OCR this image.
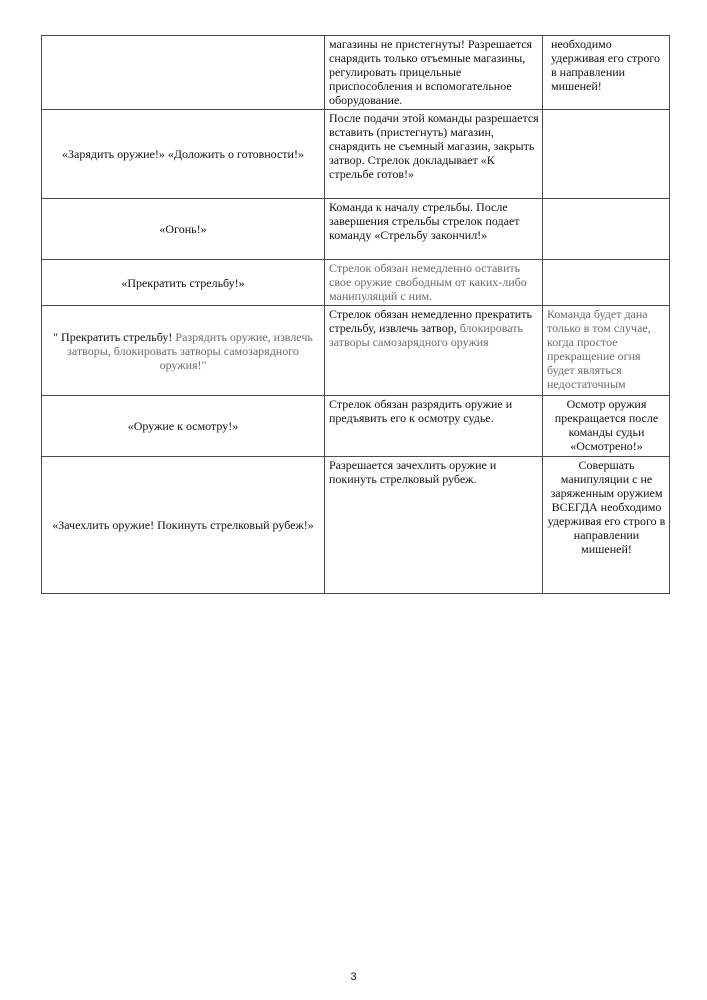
	магазины не пристегнуты! Разрешается снарядить только отъемные магазины, регулировать прицельные приспособления и вспомогательное оборудование.	необходимо удерживая его строго в направлении мишеней!
«Зарядить оружие!» «Доложить о готовности!»	После подачи этой команды разрешается вставить (пристегнуть) магазин, снарядить не съемный магазин, закрыть затвор. Стрелок докладывает «К стрельбе готов!»	
«Огонь!»	Команда к началу стрельбы. После завершения стрельбы стрелок подает команду «Стрельбу закончил!»	
«Прекратить стрельбу!»	Стрелок обязан немедленно оставить свое оружие свободным от каких-либо манипуляций с ним.	
" Прекратить стрельбу! Разрядить оружие, извлечь затворы, блокировать затворы самозарядного оружия!"	Стрелок обязан немедленно прекратить стрельбу, извлечь затвор, блокировать затворы самозарядного оружия	Команда будет дана только в том случае, когда простое прекращение огня будет являться недостаточным
«Оружие к осмотру!»	Стрелок обязан разрядить оружие и предъявить его к осмотру судье.	Осмотр оружия прекращается после команды судьи «Осмотрено!»
«Зачехлить оружие! Покинуть стрелковый рубеж!»	Разрешается зачехлить оружие и покинуть стрелковый рубеж.	Совершать манипуляции с не заряженным оружием ВСЕГДА необходимо удерживая его строго в направлении мишеней!
3
